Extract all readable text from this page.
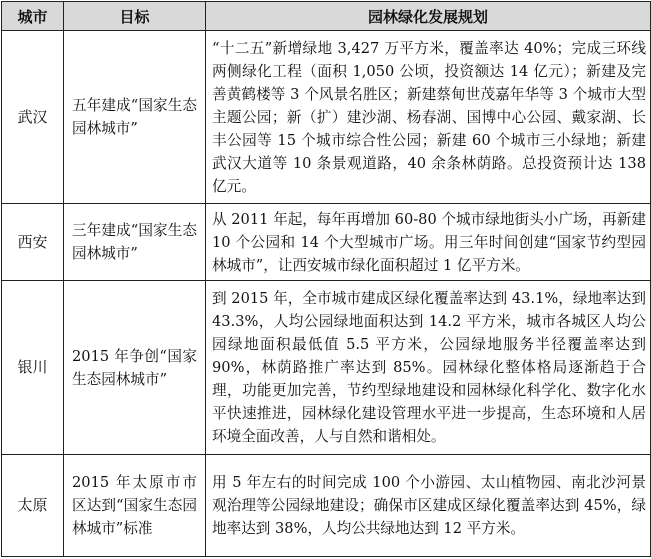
城市	目标	园林绿化发展规划
武汉	五年建成“国家生态园林城市”	“十二五”新增绿地 3,427 万平方米，覆盖率达 40%；完成三环线两侧绿化工程（面积 1,050 公顷，投资额达 14 亿元）；新建及完善黄鹤楼等 3 个风景名胜区；新建蔡甸世茂嘉年华等 3 个城市大型主题公园；新（扩）建沙湖、杨春湖、国博中心公园、戴家湖、长丰公园等 15 个城市综合性公园；新建 60 个城市三小绿地；新建武汉大道等 10 条景观道路，40 余条林荫路。总投资预计达 138 亿元。
西安	三年建成“国家生态园林城市”	从 2011 年起，每年再增加 60-80 个城市绿地街头小广场，再新建 10 个公园和 14 个大型城市广场。用三年时间创建“国家节约型园林城市”，让西安城市绿化面积超过 1 亿平方米。
银川	2015 年争创“国家生态园林城市”	到 2015 年，全市城市建成区绿化覆盖率达到 43.1%，绿地率达到 43.3%，人均公园绿地面积达到 14.2 平方米，城市各城区人均公园绿地面积最低值 5.5 平方米，公园绿地服务半径覆盖率达到 90%，林荫路推广率达到 85%。园林绿化整体格局逐渐趋于合理，功能更加完善，节约型绿地建设和园林绿化科学化、数字化水平快速推进，园林绿化建设管理水平进一步提高，生态环境和人居环境全面改善，人与自然和谐相处。
太原	2015 年太原市市区达到“国家生态园林城市”标准	用 5 年左右的时间完成 100 个小游园、太山植物园、南北沙河景观治理等公园绿地建设；确保市区建成区绿化覆盖率达到 45%，绿地率达到 38%，人均公共绿地达到 12 平方米。
